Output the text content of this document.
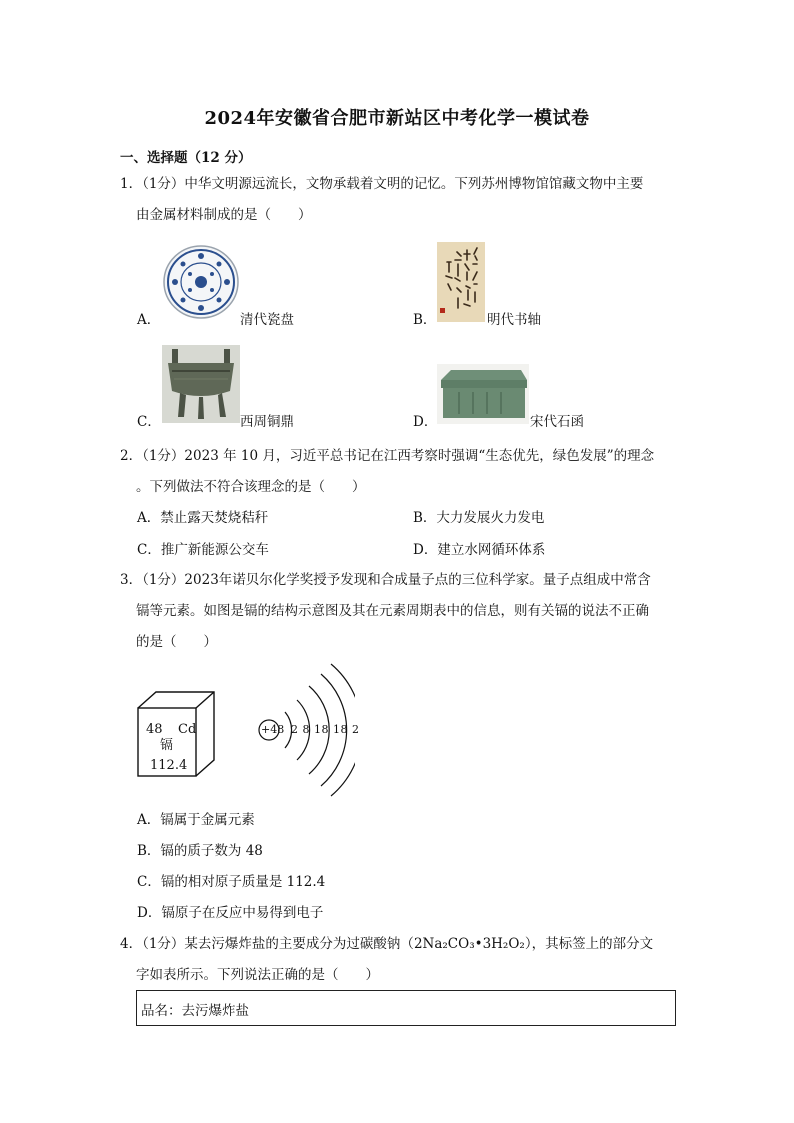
2024年安徽省合肥市新站区中考化学一模试卷
一、选择题（12 分）
1．（1分）中华文明源远流长，文物承载着文明的记忆。下列苏州博物馆馆藏文物中主要
由金属材料制成的是（　　）
A．	清代瓷盘	B．	明代书轴
C．	西周铜鼎	D．	宋代石函
2．（1分）2023 年 10 月，习近平总书记在江西考察时强调“生态优先，绿色发展”的理念
。下列做法不符合该理念的是（　　）
A．禁止露天焚烧秸秆	B．大力发展火力发电
C．推广新能源公交车	D．建立水网循环体系
3．（1分）2023年诺贝尔化学奖授予发现和合成量子点的三位科学家。量子点组成中常含
镉等元素。如图是镉的结构示意图及其在元素周期表中的信息，则有关镉的说法不正确
的是（　　）
48 Cd
镉
112.4
+48 2 8 18 18 2
A．镉属于金属元素
B．镉的质子数为 48
C．镉的相对原子质量是 112.4
D．镉原子在反应中易得到电子
4．（1分）某去污爆炸盐的主要成分为过碳酸钠（2Na₂CO₃•3H₂O₂），其标签上的部分文
字如表所示。下列说法正确的是（　　）
品名：去污爆炸盐
